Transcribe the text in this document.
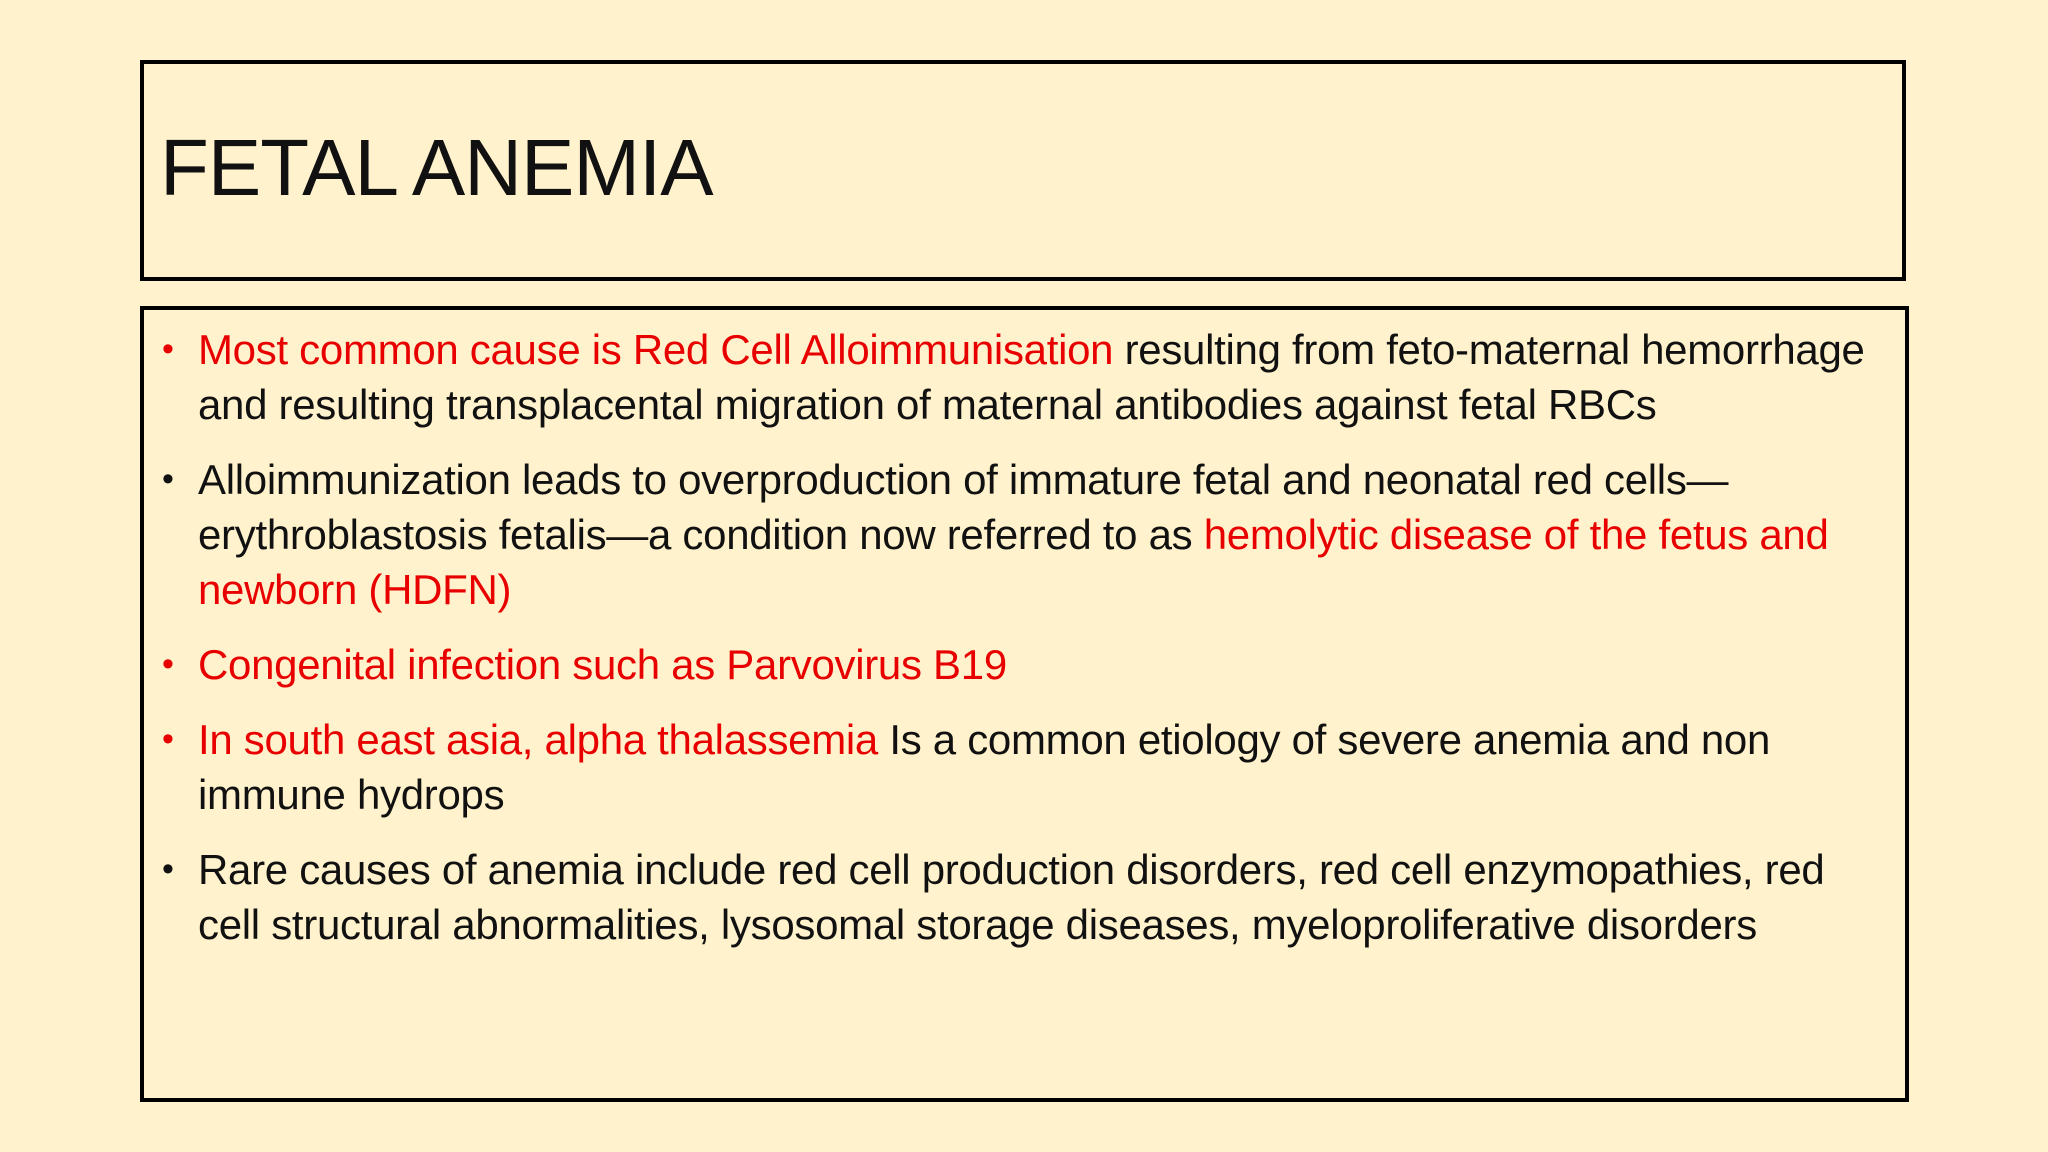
FETAL ANEMIA
• Most common cause is Red Cell Alloimmunisation resulting from feto-maternal hemorrhage and resulting transplacental migration of maternal antibodies against fetal RBCs
• Alloimmunization leads to overproduction of immature fetal and neonatal red cells—erythroblastosis fetalis—a condition now referred to as hemolytic disease of the fetus and newborn (HDFN)
• Congenital infection such as Parvovirus B19
• In south east asia, alpha thalassemia Is a common etiology of severe anemia and non immune hydrops
• Rare causes of anemia include red cell production disorders, red cell enzymopathies, red cell structural abnormalities, lysosomal storage diseases, myeloproliferative disorders
